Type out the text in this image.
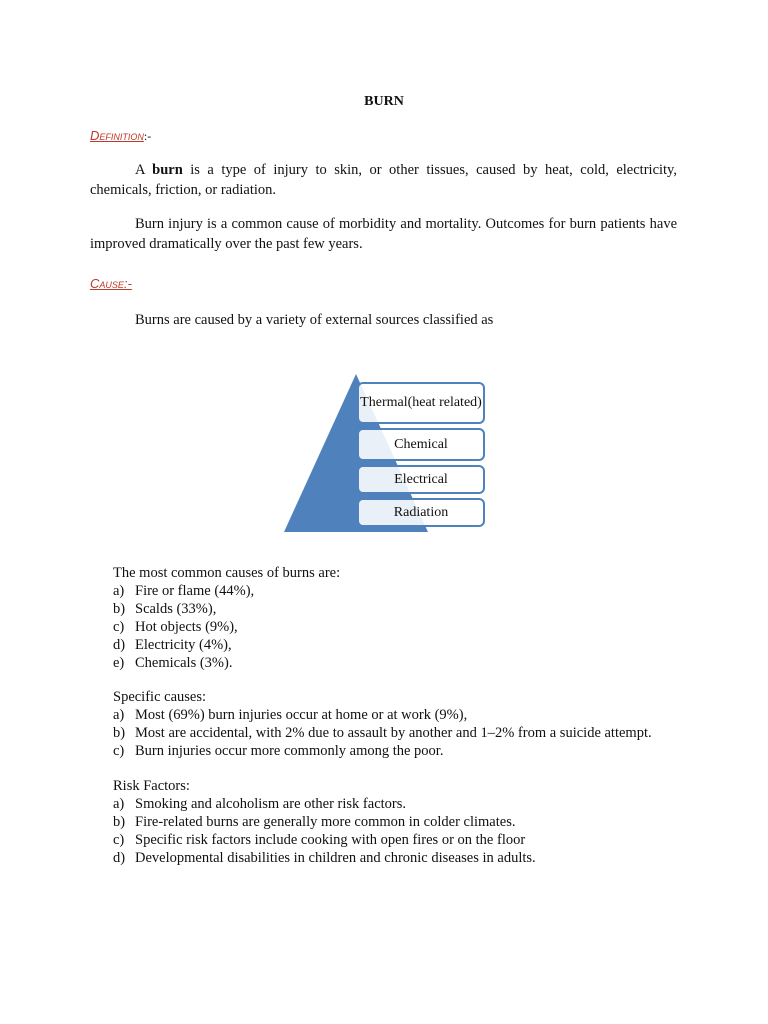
BURN

Definition:-

A burn is a type of injury to skin, or other tissues, caused by heat, cold, electricity, chemicals, friction, or radiation.

Burn injury is a common cause of morbidity and mortality. Outcomes for burn patients have improved dramatically over the past few years.

Cause:-

Burns are caused by a variety of external sources classified as

Thermal(heat related)
Chemical
Electrical
Radiation

The most common causes of burns are:

a) Fire or flame (44%),
b) Scalds (33%),
c) Hot objects (9%),
d) Electricity (4%),
e) Chemicals (3%).

Specific causes:

a) Most (69%) burn injuries occur at home or at work (9%),
b) Most are accidental, with 2% due to assault by another and 1–2% from a suicide attempt.
c) Burn injuries occur more commonly among the poor.

Risk Factors:

a) Smoking and alcoholism are other risk factors.
b) Fire-related burns are generally more common in colder climates.
c) Specific risk factors include cooking with open fires or on the floor
d) Developmental disabilities in children and chronic diseases in adults.
